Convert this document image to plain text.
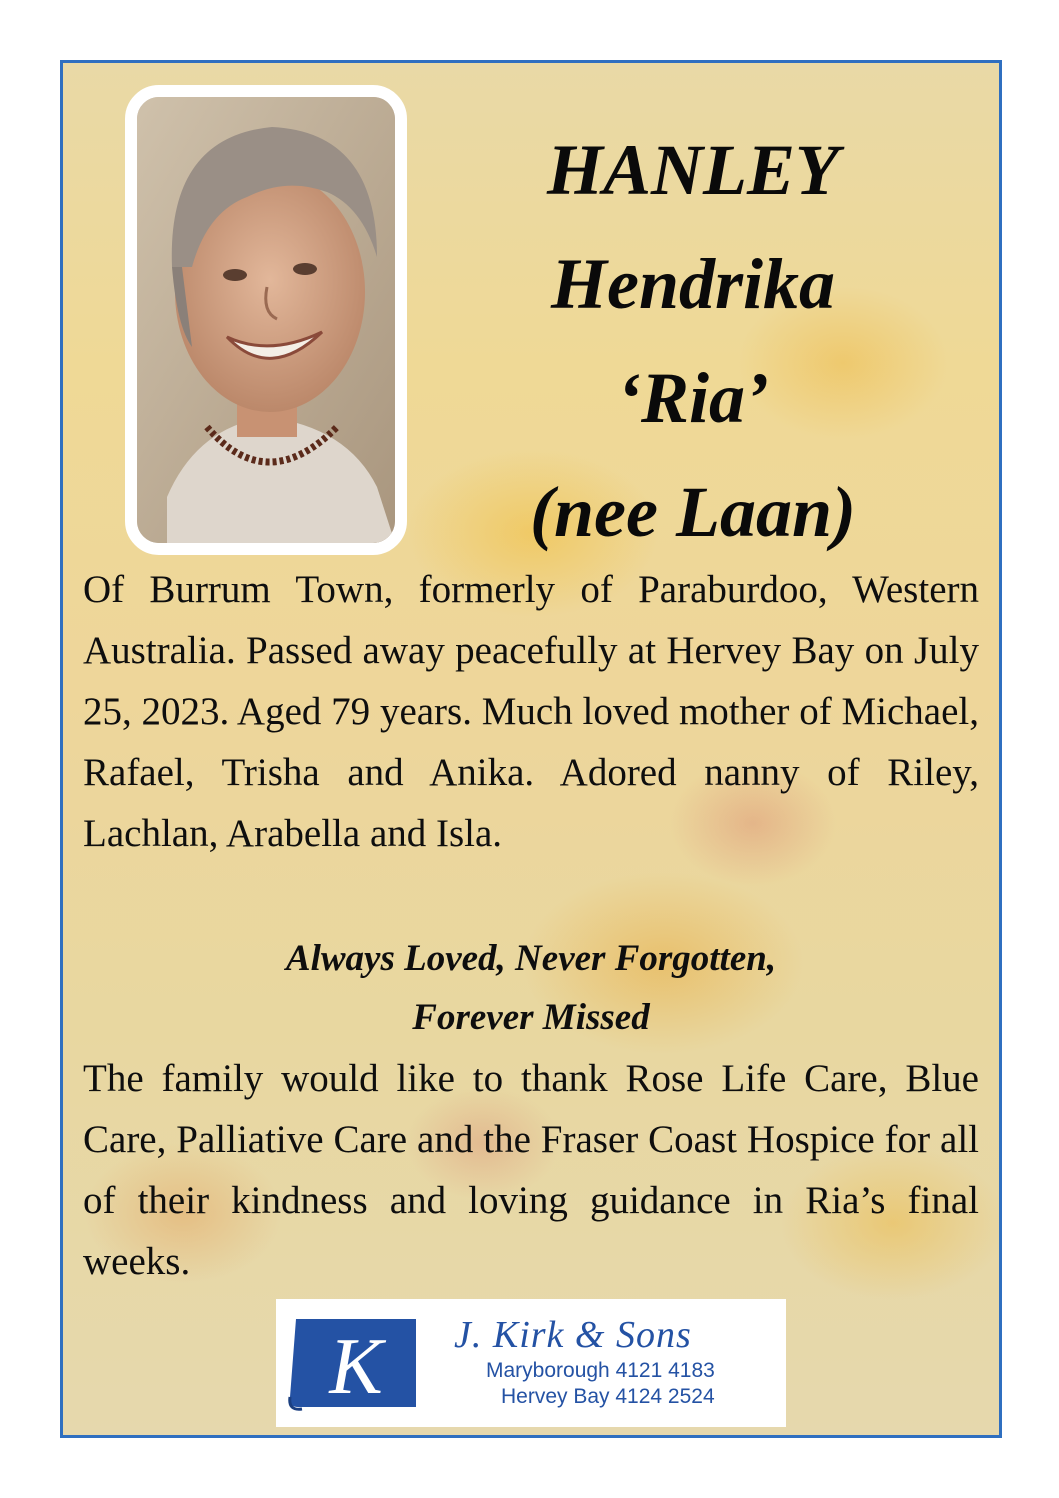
HANLEY
Hendrika
‘Ria’
(nee Laan)
Of Burrum Town, formerly of Paraburdoo, Western Australia. Passed away peacefully at Hervey Bay on July 25, 2023. Aged 79 years. Much loved mother of Michael, Rafael, Trisha and Anika. Adored nanny of Riley, Lachlan, Arabella and Isla.
Always Loved, Never Forgotten,
Forever Missed
The family would like to thank Rose Life Care, Blue Care, Palliative Care and the Fraser Coast Hospice for all of their kindness and loving guidance in Ria’s final weeks.
K J. Kirk & Sons
Maryborough 4121 4183
Hervey Bay 4124 2524
